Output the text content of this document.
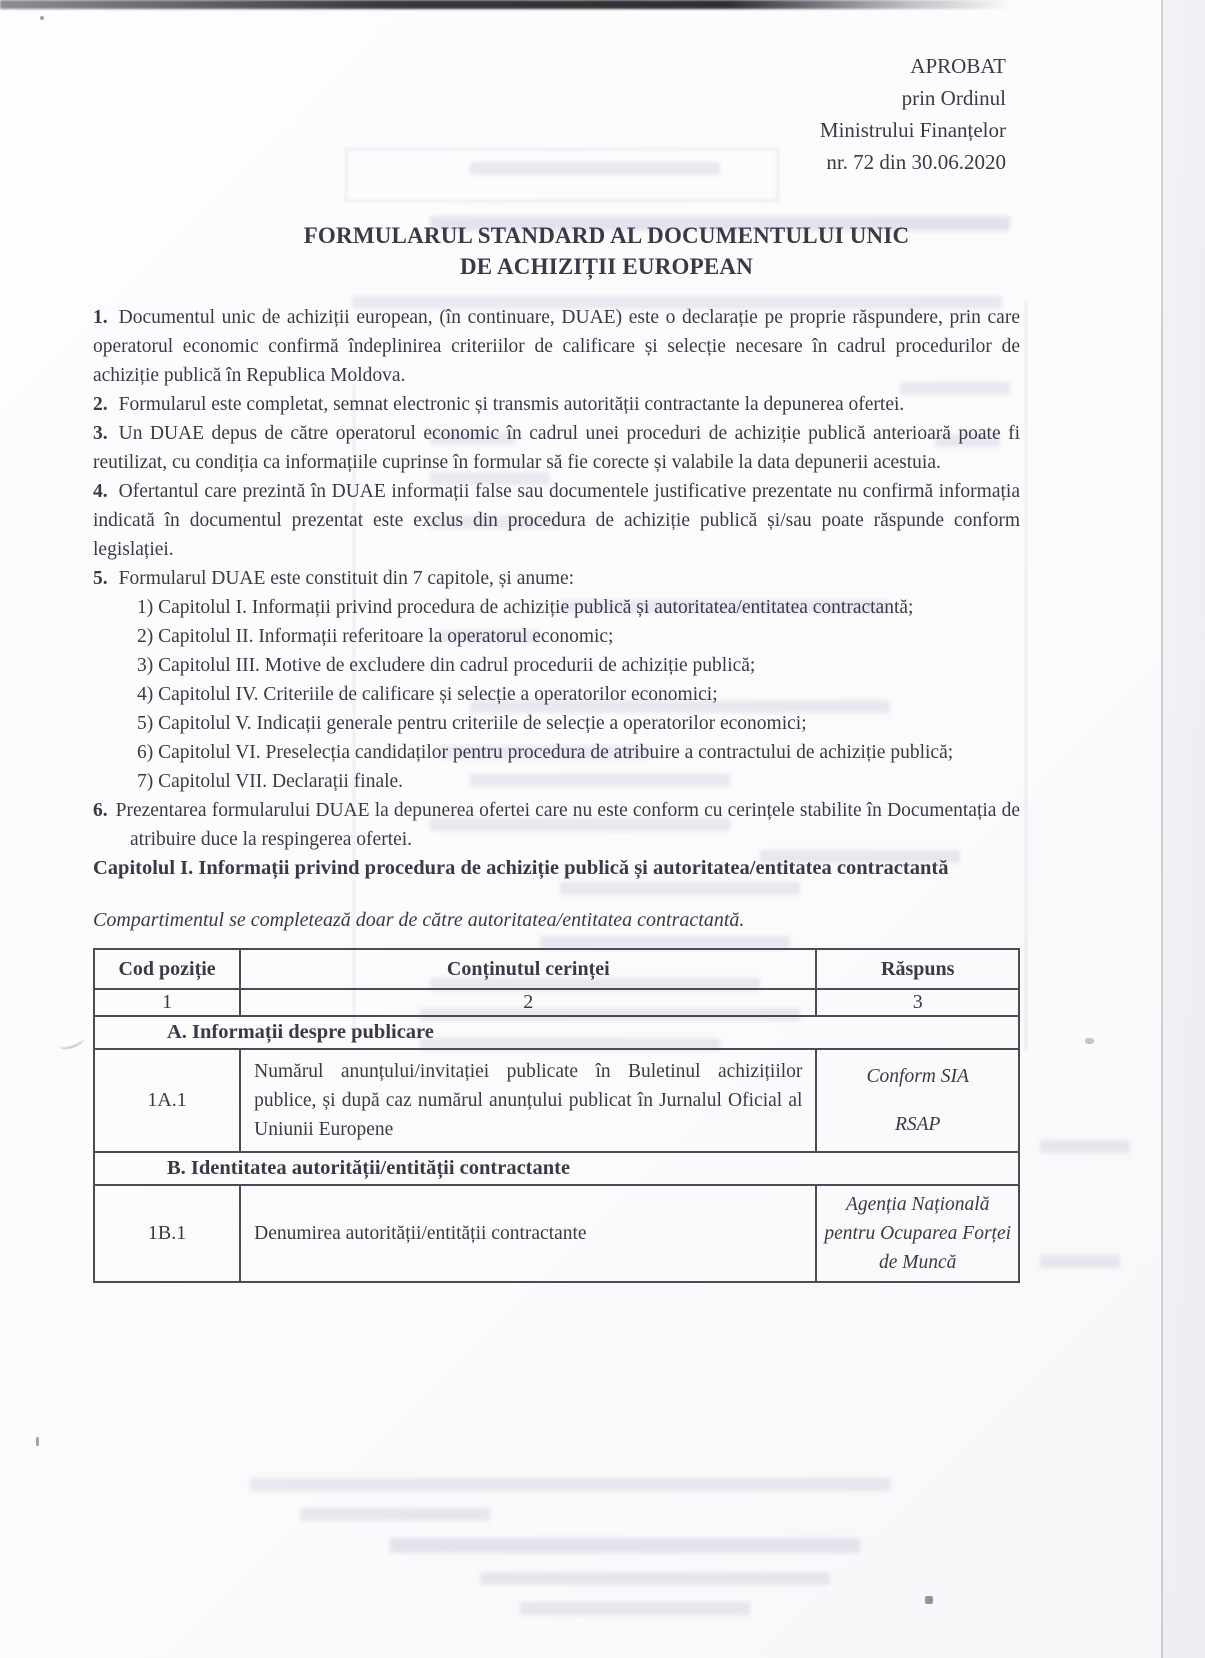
APROBAT
prin Ordinul
Ministrului Finanțelor
nr. 72 din 30.06.2020
FORMULARUL STANDARD AL DOCUMENTULUI UNIC
DE ACHIZIȚII EUROPEAN

1. Documentul unic de achiziții european, (în continuare, DUAE) este o declarație pe proprie răspundere, prin care operatorul economic confirmă îndeplinirea criteriilor de calificare și selecție necesare în cadrul procedurilor de achiziție publică în Republica Moldova.

2. Formularul este completat, semnat electronic și transmis autorității contractante la depunerea ofertei.

3. Un DUAE depus de către operatorul economic în cadrul unei proceduri de achiziție publică anterioară poate fi reutilizat, cu condiția ca informațiile cuprinse în formular să fie corecte și valabile la data depunerii acestuia.

4. Ofertantul care prezintă în DUAE informații false sau documentele justificative prezentate nu confirmă informația indicată în documentul prezentat este exclus din procedura de achiziție publică și/sau poate răspunde conform legislației.

5. Formularul DUAE este constituit din 7 capitole, și anume:

1) Capitolul I. Informații privind procedura de achiziție publică și autoritatea/entitatea contractantă;

2) Capitolul II. Informații referitoare la operatorul economic;

3) Capitolul III. Motive de excludere din cadrul procedurii de achiziție publică;

4) Capitolul IV. Criteriile de calificare și selecție a operatorilor economici;

5) Capitolul V. Indicații generale pentru criteriile de selecție a operatorilor economici;

6) Capitolul VI. Preselecția candidaților pentru procedura de atribuire a contractului de achiziție publică;

7) Capitolul VII. Declarații finale.

6. Prezentarea formularului DUAE la depunerea ofertei care nu este conform cu cerințele stabilite în Documentația de atribuire duce la respingerea ofertei.

Capitolul I. Informații privind procedura de achiziție publică și autoritatea/entitatea contractantă

Compartimentul se completează doar de către autoritatea/entitatea contractantă.
Cod poziție	Conținutul cerinței	Răspuns
1	2	3
A. Informații despre publicare		
1A.1	Numărul anunțului/invitației publicate în Buletinul achizițiilor publice, și după caz numărul anunțului publicat în Jurnalul Oficial al Uniunii Europene	Conform SIA
RSAP

B. Identitatea autorității/entității contractante		
1B.1	Denumirea autorității/entității contractante	Agenția Națională pentru Ocuparea Forței de Muncă
